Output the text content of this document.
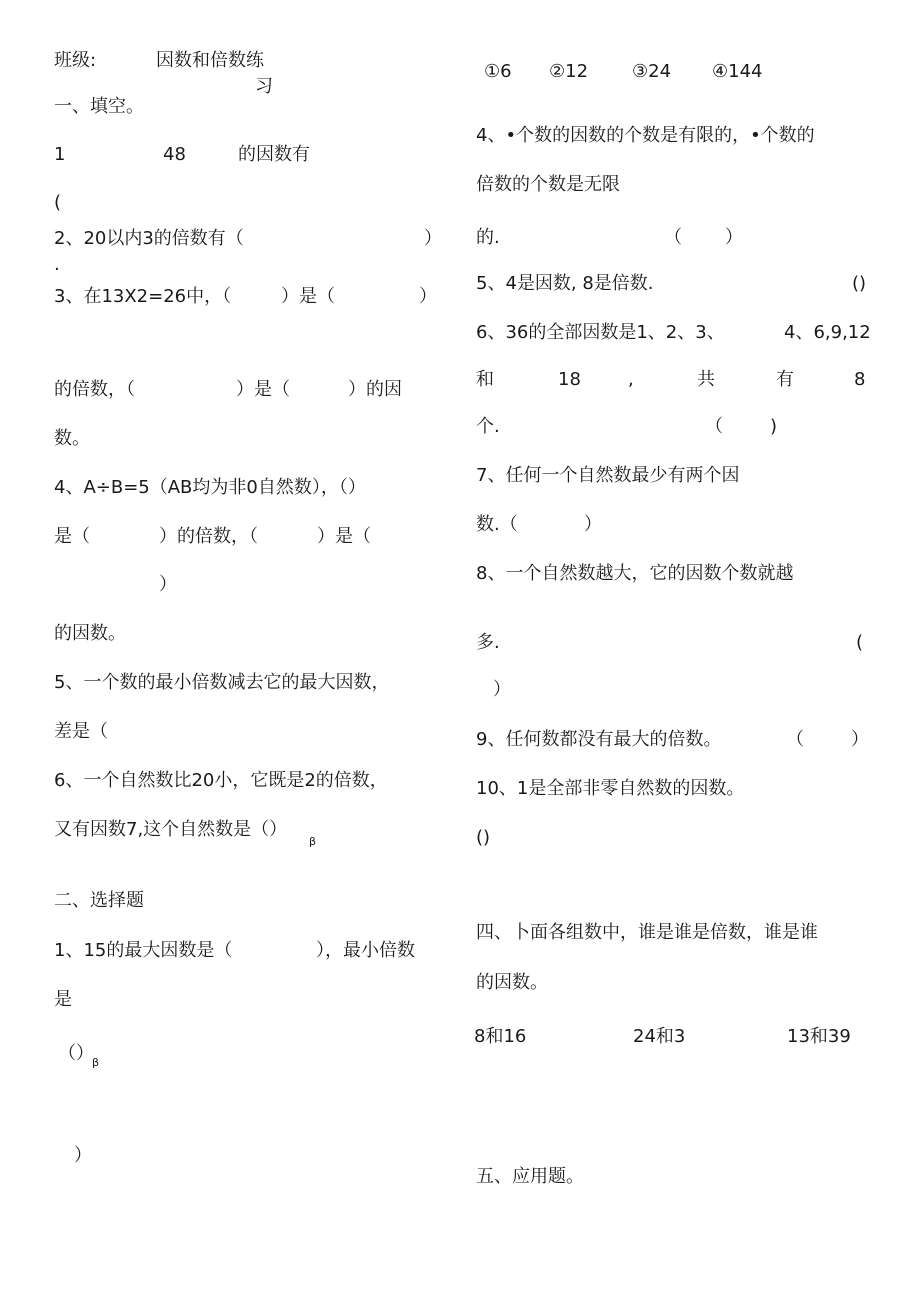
班级:	因数和倍数练
习
一、填空。
1	48	的因数有
(
2、20以内3的倍数有（	）
.
3、在13X2=26中，（	）是（	）
的倍数，（	）是（	）的因
数。
4、A÷B=5（AB均为非0自然数），（）
是（	）的倍数，（	）是（
）
的因数。
5、一个数的最小倍数减去它的最大因数，
差是（
6、一个自然数比20小，它既是2的倍数，
又有因数7,这个自然数是（）
β
二、选择题
1、15的最大因数是（	），最小倍数
是
（）
β
）
①6 ②12 ③24 ④144
4、•个数的因数的个数是有限的，•个数的
倍数的个数是无限
的.	（ ）
5、4是因数, 8是倍数.	()
6、36的全部因数是1、2、3、	4、6,9,12
和	18	,	共	有	8
个.	（	)
7、任何一个自然数最少有两个因
数.（	）
8、一个自然数越大，它的因数个数就越
多.	(
）
9、任何数都没有最大的倍数。	（	）
10、1是全部非零自然数的因数。
()
四、卜面各组数中，谁是谁是倍数，谁是谁
的因数。
8和16	24和3	13和39
五、应用题。
